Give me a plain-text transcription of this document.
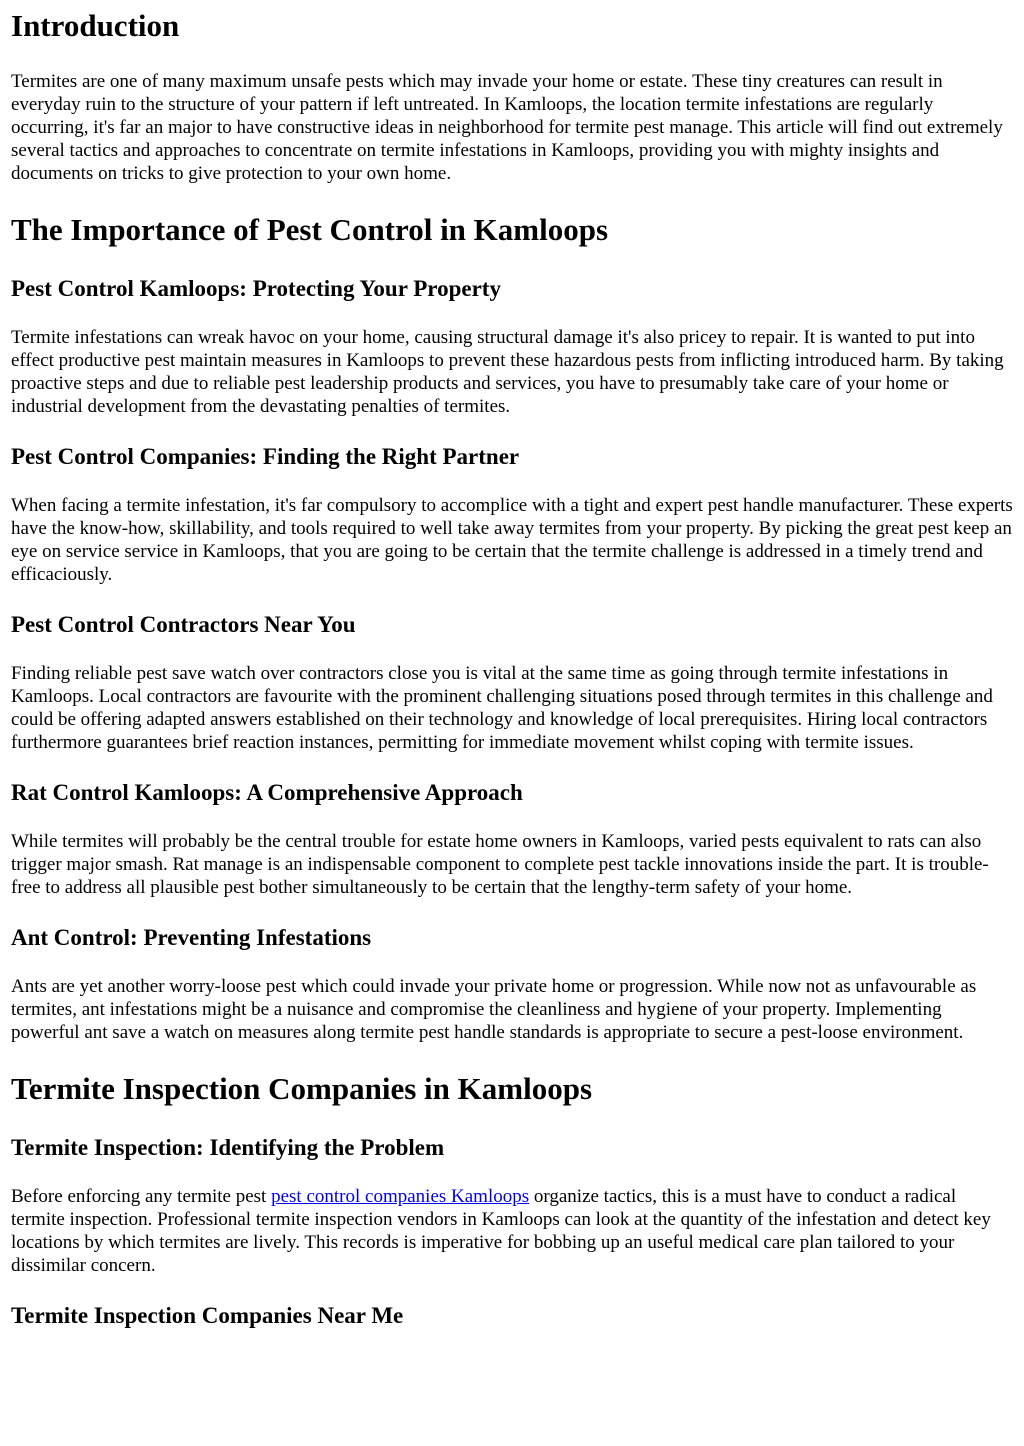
Introduction

Termites are one of many maximum unsafe pests which may invade your home or estate. These tiny creatures can result in everyday ruin to the structure of your pattern if left untreated. In Kamloops, the location termite infestations are regularly occurring, it's far an major to have constructive ideas in neighborhood for termite pest manage. This article will find out extremely several tactics and approaches to concentrate on termite infestations in Kamloops, providing you with mighty insights and documents on tricks to give protection to your own home.

The Importance of Pest Control in Kamloops
Pest Control Kamloops: Protecting Your Property

Termite infestations can wreak havoc on your home, causing structural damage it's also pricey to repair. It is wanted to put into effect productive pest maintain measures in Kamloops to prevent these hazardous pests from inflicting introduced harm. By taking proactive steps and due to reliable pest leadership products and services, you have to presumably take care of your home or industrial development from the devastating penalties of termites.

Pest Control Companies: Finding the Right Partner

When facing a termite infestation, it's far compulsory to accomplice with a tight and expert pest handle manufacturer. These experts have the know-how, skillability, and tools required to well take away termites from your property. By picking the great pest keep an eye on service service in Kamloops, that you are going to be certain that the termite challenge is addressed in a timely trend and efficaciously.

Pest Control Contractors Near You

Finding reliable pest save watch over contractors close you is vital at the same time as going through termite infestations in Kamloops. Local contractors are favourite with the prominent challenging situations posed through termites in this challenge and could be offering adapted answers established on their technology and knowledge of local prerequisites. Hiring local contractors furthermore guarantees brief reaction instances, permitting for immediate movement whilst coping with termite issues.

Rat Control Kamloops: A Comprehensive Approach

While termites will probably be the central trouble for estate home owners in Kamloops, varied pests equivalent to rats can also trigger major smash. Rat manage is an indispensable component to complete pest tackle innovations inside the part. It is trouble-free to address all plausible pest bother simultaneously to be certain that the lengthy-term safety of your home.

Ant Control: Preventing Infestations

Ants are yet another worry-loose pest which could invade your private home or progression. While now not as unfavourable as termites, ant infestations might be a nuisance and compromise the cleanliness and hygiene of your property. Implementing powerful ant save a watch on measures along termite pest handle standards is appropriate to secure a pest-loose environment.

Termite Inspection Companies in Kamloops
Termite Inspection: Identifying the Problem

Before enforcing any termite pest pest control companies Kamloops organize tactics, this is a must have to conduct a radical termite inspection. Professional termite inspection vendors in Kamloops can look at the quantity of the infestation and detect key locations by which termites are lively. This records is imperative for bobbing up an useful medical care plan tailored to your dissimilar concern.

Termite Inspection Companies Near Me
